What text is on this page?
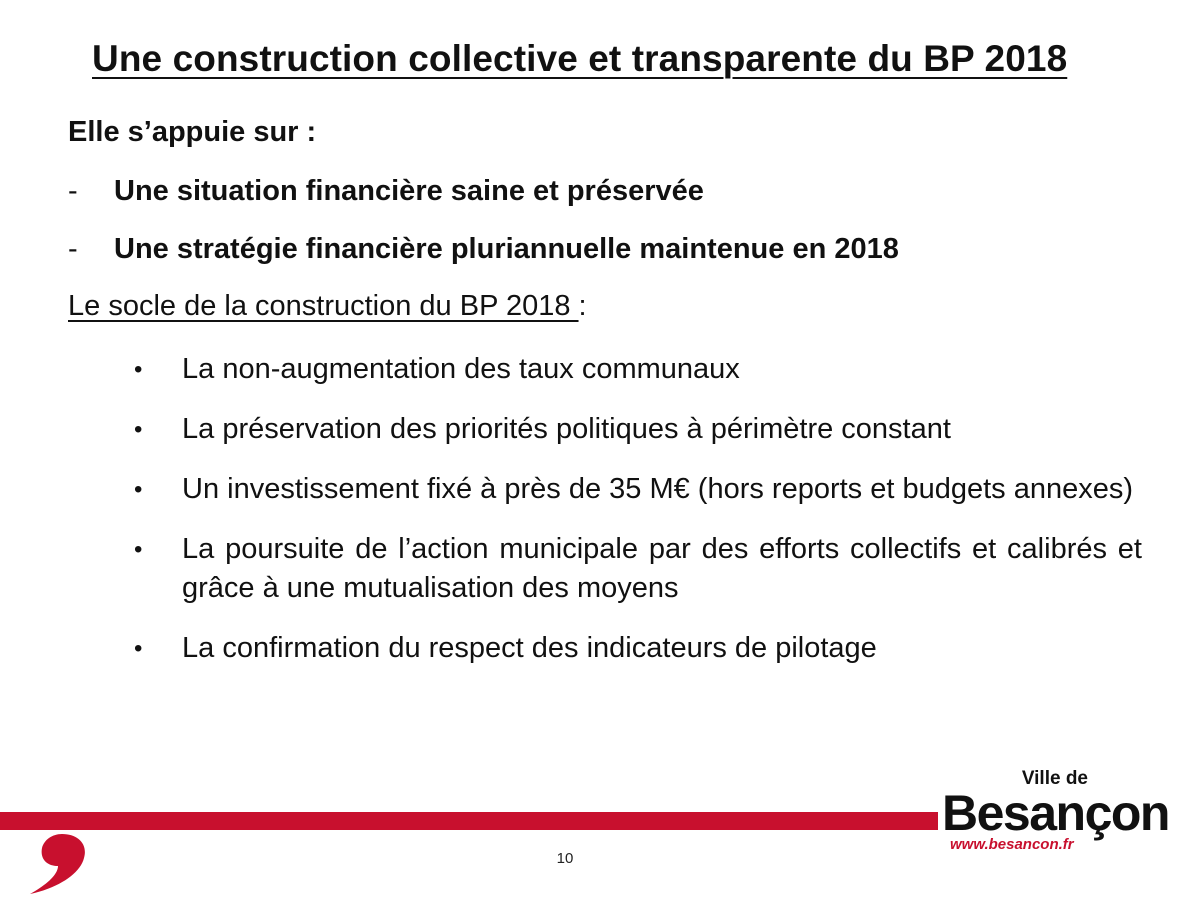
Une construction collective et transparente du BP 2018
Elle s’appuie sur :
- Une situation financière saine et préservée
- Une stratégie financière pluriannuelle maintenue en 2018
Le socle de la construction du BP 2018 :
•	La non-augmentation des taux communaux
•	La préservation des priorités politiques à périmètre constant
•	Un investissement fixé à près de 35 M€ (hors reports et budgets annexes)
•	La poursuite de l’action municipale par des efforts collectifs et calibrés et grâce à une mutualisation des moyens
•	La confirmation du respect des indicateurs de pilotage
10
Ville de
Besançon
www.besancon.fr
